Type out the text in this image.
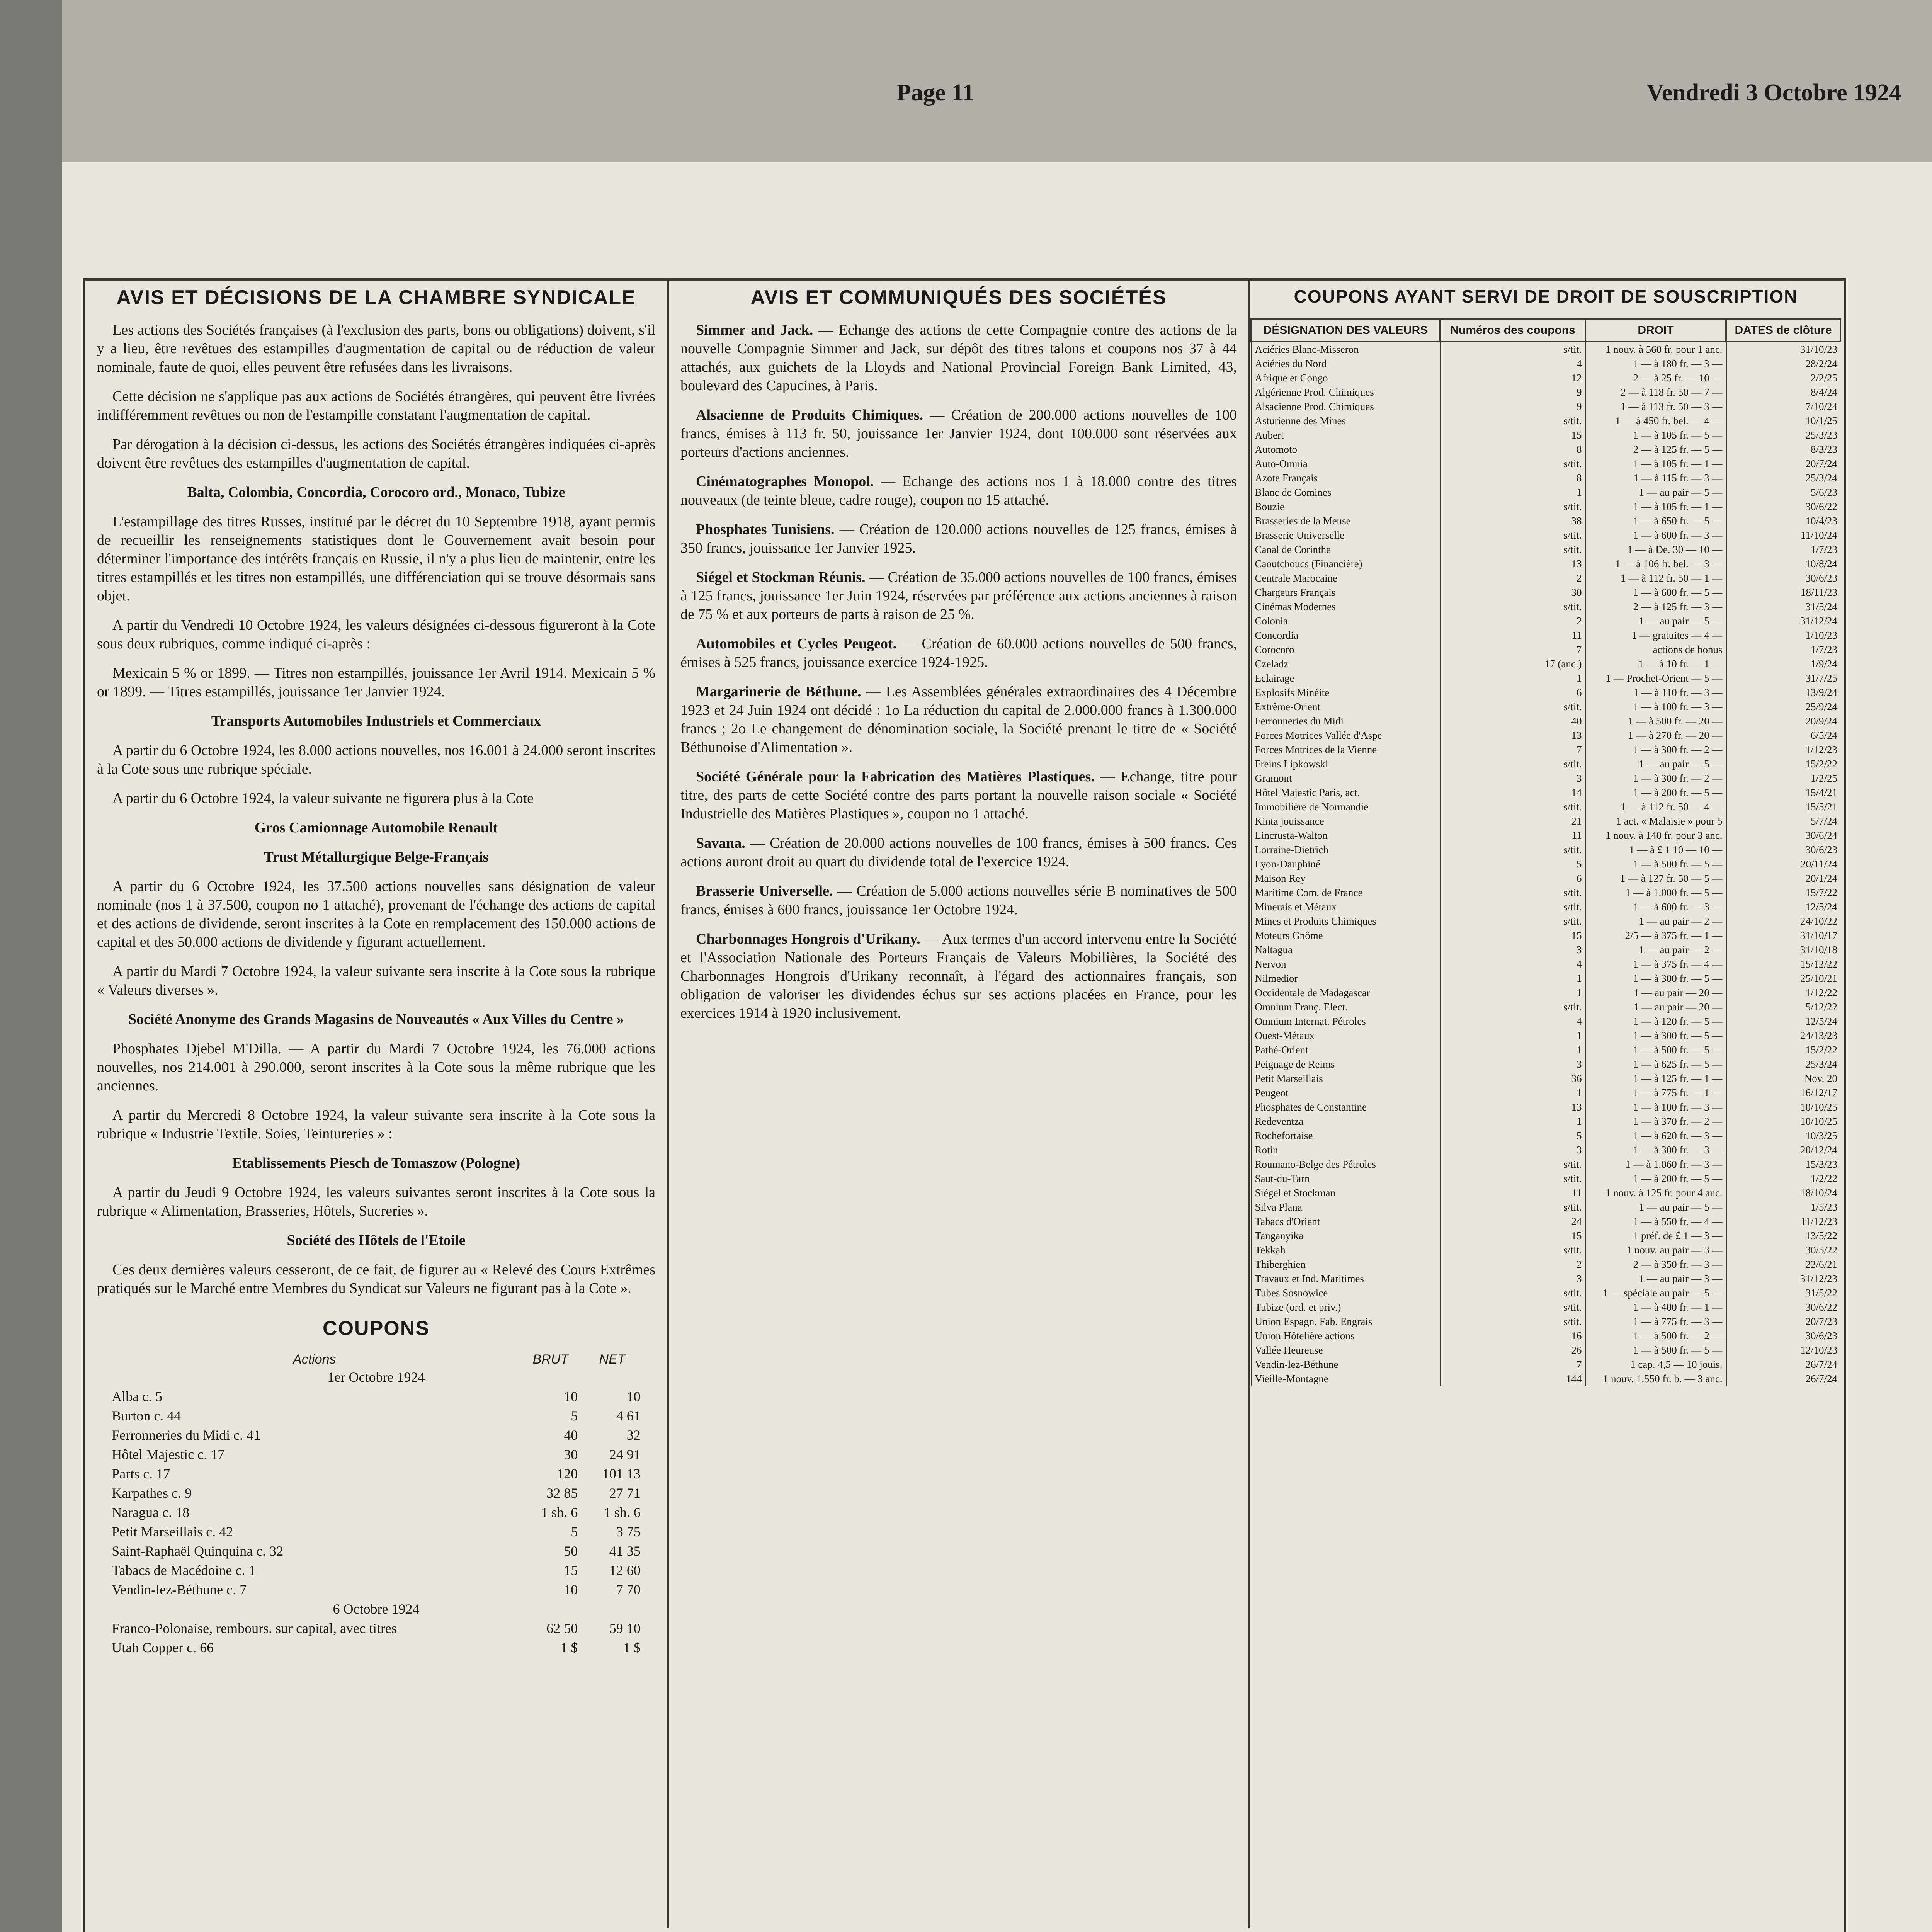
Page 11	Vendredi 3 Octobre 1924
AVIS ET DÉCISIONS DE LA CHAMBRE SYNDICALE

Les actions des Sociétés françaises (à l'exclusion des parts, bons ou obligations) doivent, s'il y a lieu, être revêtues des estampilles d'augmentation de capital ou de réduction de valeur nominale, faute de quoi, elles peuvent être refusées dans les livraisons.

Cette décision ne s'applique pas aux actions de Sociétés étrangères, qui peuvent être livrées indifféremment revêtues ou non de l'estampille constatant l'augmentation de capital.

Par dérogation à la décision ci-dessus, les actions des Sociétés étrangères indiquées ci-après doivent être revêtues des estampilles d'augmentation de capital.

Balta, Colombia, Concordia, Corocoro ord., Monaco, Tubize

L'estampillage des titres Russes, institué par le décret du 10 Septembre 1918, ayant permis de recueillir les renseignements statistiques dont le Gouvernement avait besoin pour déterminer l'importance des intérêts français en Russie, il n'y a plus lieu de maintenir, entre les titres estampillés et les titres non estampillés, une différenciation qui se trouve désormais sans objet.

A partir du Vendredi 10 Octobre 1924, les valeurs désignées ci-dessous figureront à la Cote sous deux rubriques, comme indiqué ci-après :

Mexicain 5 % or 1899. — Titres non estampillés, jouissance 1er Avril 1914. Mexicain 5 % or 1899. — Titres estampillés, jouissance 1er Janvier 1924.

Transports Automobiles Industriels et Commerciaux

A partir du 6 Octobre 1924, les 8.000 actions nouvelles, nos 16.001 à 24.000 seront inscrites à la Cote sous une rubrique spéciale.

A partir du 6 Octobre 1924, la valeur suivante ne figurera plus à la Cote

Gros Camionnage Automobile Renault

Trust Métallurgique Belge-Français

A partir du 6 Octobre 1924, les 37.500 actions nouvelles sans désignation de valeur nominale (nos 1 à 37.500, coupon no 1 attaché), provenant de l'échange des actions de capital et des actions de dividende, seront inscrites à la Cote en remplacement des 150.000 actions de capital et des 50.000 actions de dividende y figurant actuellement.

A partir du Mardi 7 Octobre 1924, la valeur suivante sera inscrite à la Cote sous la rubrique « Valeurs diverses ».

Société Anonyme des Grands Magasins de Nouveautés « Aux Villes du Centre »

Phosphates Djebel M'Dilla. — A partir du Mardi 7 Octobre 1924, les 76.000 actions nouvelles, nos 214.001 à 290.000, seront inscrites à la Cote sous la même rubrique que les anciennes.

A partir du Mercredi 8 Octobre 1924, la valeur suivante sera inscrite à la Cote sous la rubrique « Industrie Textile. Soies, Teintureries » :

Etablissements Piesch de Tomaszow (Pologne)

A partir du Jeudi 9 Octobre 1924, les valeurs suivantes seront inscrites à la Cote sous la rubrique « Alimentation, Brasseries, Hôtels, Sucreries ».

Société des Hôtels de l'Etoile

Ces deux dernières valeurs cesseront, de ce fait, de figurer au « Relevé des Cours Extrêmes pratiqués sur le Marché entre Membres du Syndicat sur Valeurs ne figurant pas à la Cote ».

COUPONS
Actions	BRUT	NET
1er Octobre 1924		
Alba c. 5	10	10
Burton c. 44	5	4 61
Ferronneries du Midi c. 41	40	32
Hôtel Majestic c. 17	30	24 91
Parts c. 17	120	101 13
Karpathes c. 9	32 85	27 71
Naragua c. 18	1 sh. 6	1 sh. 6
Petit Marseillais c. 42	5	3 75
Saint-Raphaël Quinquina c. 32	50	41 35
Tabacs de Macédoine c. 1	15	12 60
Vendin-lez-Béthune c. 7	10	7 70
6 Octobre 1924		
Franco-Polonaise, rembours. sur capital, avec titres	62 50	59 10
Utah Copper c. 66	1 $	1 $
AVIS ET COMMUNIQUÉS DES SOCIÉTÉS

Simmer and Jack. — Echange des actions de cette Compagnie contre des actions de la nouvelle Compagnie Simmer and Jack, sur dépôt des titres talons et coupons nos 37 à 44 attachés, aux guichets de la Lloyds and National Provincial Foreign Bank Limited, 43, boulevard des Capucines, à Paris.

Alsacienne de Produits Chimiques. — Création de 200.000 actions nouvelles de 100 francs, émises à 113 fr. 50, jouissance 1er Janvier 1924, dont 100.000 sont réservées aux porteurs d'actions anciennes.

Cinématographes Monopol. — Echange des actions nos 1 à 18.000 contre des titres nouveaux (de teinte bleue, cadre rouge), coupon no 15 attaché.

Phosphates Tunisiens. — Création de 120.000 actions nouvelles de 125 francs, émises à 350 francs, jouissance 1er Janvier 1925.

Siégel et Stockman Réunis. — Création de 35.000 actions nouvelles de 100 francs, émises à 125 francs, jouissance 1er Juin 1924, réservées par préférence aux actions anciennes à raison de 75 % et aux porteurs de parts à raison de 25 %.

Automobiles et Cycles Peugeot. — Création de 60.000 actions nouvelles de 500 francs, émises à 525 francs, jouissance exercice 1924-1925.

Margarinerie de Béthune. — Les Assemblées générales extraordinaires des 4 Décembre 1923 et 24 Juin 1924 ont décidé : 1o La réduction du capital de 2.000.000 francs à 1.300.000 francs ; 2o Le changement de dénomination sociale, la Société prenant le titre de « Société Béthunoise d'Alimentation ».

Société Générale pour la Fabrication des Matières Plastiques. — Echange, titre pour titre, des parts de cette Société contre des parts portant la nouvelle raison sociale « Société Industrielle des Matières Plastiques », coupon no 1 attaché.

Savana. — Création de 20.000 actions nouvelles de 100 francs, émises à 500 francs. Ces actions auront droit au quart du dividende total de l'exercice 1924.

Brasserie Universelle. — Création de 5.000 actions nouvelles série B nominatives de 500 francs, émises à 600 francs, jouissance 1er Octobre 1924.

Charbonnages Hongrois d'Urikany. — Aux termes d'un accord intervenu entre la Société et l'Association Nationale des Porteurs Français de Valeurs Mobilières, la Société des Charbonnages Hongrois d'Urikany reconnaît, à l'égard des actionnaires français, son obligation de valoriser les dividendes échus sur ses actions placées en France, pour les exercices 1914 à 1920 inclusivement.

COUPONS AYANT SERVI DE DROIT DE SOUSCRIPTION
DÉSIGNATION DES VALEURS	Numéros des coupons	DROIT	DATES de clôture
Aciéries Blanc-Misseron	s/tit.	1 nouv. à 560 fr. pour 1 anc.	31/10/23
Aciéries du Nord	4	1 — à 180 fr. — 3 —	28/2/24
Afrique et Congo	12	2 — à 25 fr. — 10 —	2/2/25
Algérienne Prod. Chimiques	9	2 — à 118 fr. 50 — 7 —	8/4/24
Alsacienne Prod. Chimiques	9	1 — à 113 fr. 50 — 3 —	7/10/24
Asturienne des Mines	s/tit.	1 — à 450 fr. bel. — 4 —	10/1/25
Aubert	15	1 — à 105 fr. — 5 —	25/3/23
Automoto	8	2 — à 125 fr. — 5 —	8/3/23
Auto-Omnia	s/tit.	1 — à 105 fr. — 1 —	20/7/24
Azote Français	8	1 — à 115 fr. — 3 —	25/3/24
Blanc de Comines	1	1 — au pair — 5 —	5/6/23
Bouzie	s/tit.	1 — à 105 fr. — 1 —	30/6/22
Brasseries de la Meuse	38	1 — à 650 fr. — 5 —	10/4/23
Brasserie Universelle	s/tit.	1 — à 600 fr. — 3 —	11/10/24
Canal de Corinthe	s/tit.	1 — à De. 30 — 10 —	1/7/23
Caoutchoucs (Financière)	13	1 — à 106 fr. bel. — 3 —	10/8/24
Centrale Marocaine	2	1 — à 112 fr. 50 — 1 —	30/6/23
Chargeurs Français	30	1 — à 600 fr. — 5 —	18/11/23
Cinémas Modernes	s/tit.	2 — à 125 fr. — 3 —	31/5/24
Colonia	2	1 — au pair — 5 —	31/12/24
Concordia	11	1 — gratuites — 4 —	1/10/23
Corocoro	7	actions de bonus	1/7/23
Czeladz	17 (anc.)	1 — à 10 fr. — 1 —	1/9/24
Eclairage	1	1 — Prochet-Orient — 5 —	31/7/25
Explosifs Minéite	6	1 — à 110 fr. — 3 —	13/9/24
Extrême-Orient	s/tit.	1 — à 100 fr. — 3 —	25/9/24
Ferronneries du Midi	40	1 — à 500 fr. — 20 —	20/9/24
Forces Motrices Vallée d'Aspe	13	1 — à 270 fr. — 20 —	6/5/24
Forces Motrices de la Vienne	7	1 — à 300 fr. — 2 —	1/12/23
Freins Lipkowski	s/tit.	1 — au pair — 5 —	15/2/22
Gramont	3	1 — à 300 fr. — 2 —	1/2/25
Hôtel Majestic Paris, act.	14	1 — à 200 fr. — 5 —	15/4/21
Immobilière de Normandie	s/tit.	1 — à 112 fr. 50 — 4 —	15/5/21
Kinta jouissance	21	1 act. « Malaisie » pour 5	5/7/24
Lincrusta-Walton	11	1 nouv. à 140 fr. pour 3 anc.	30/6/24
Lorraine-Dietrich	s/tit.	1 — à £ 1 10 — 10 —	30/6/23
Lyon-Dauphiné	5	1 — à 500 fr. — 5 —	20/11/24
Maison Rey	6	1 — à 127 fr. 50 — 5 —	20/1/24
Maritime Com. de France	s/tit.	1 — à 1.000 fr. — 5 —	15/7/22
Minerais et Métaux	s/tit.	1 — à 600 fr. — 3 —	12/5/24
Mines et Produits Chimiques	s/tit.	1 — au pair — 2 —	24/10/22
Moteurs Gnôme	15	2/5 — à 375 fr. — 1 —	31/10/17
Naltagua	3	1 — au pair — 2 —	31/10/18
Nervon	4	1 — à 375 fr. — 4 —	15/12/22
Nilmedior	1	1 — à 300 fr. — 5 —	25/10/21
Occidentale de Madagascar	1	1 — au pair — 20 —	1/12/22
Omnium Franç. Elect.	s/tit.	1 — au pair — 20 —	5/12/22
Omnium Internat. Pétroles	4	1 — à 120 fr. — 5 —	12/5/24
Ouest-Métaux	1	1 — à 300 fr. — 5 —	24/13/23
Pathé-Orient	1	1 — à 500 fr. — 5 —	15/2/22
Peignage de Reims	3	1 — à 625 fr. — 5 —	25/3/24
Petit Marseillais	36	1 — à 125 fr. — 1 —	Nov. 20
Peugeot	1	1 — à 775 fr. — 1 —	16/12/17
Phosphates de Constantine	13	1 — à 100 fr. — 3 —	10/10/25
Redeventza	1	1 — à 370 fr. — 2 —	10/10/25
Rochefortaise	5	1 — à 620 fr. — 3 —	10/3/25
Rotin	3	1 — à 300 fr. — 3 —	20/12/24
Roumano-Belge des Pétroles	s/tit.	1 — à 1.060 fr. — 3 —	15/3/23
Saut-du-Tarn	s/tit.	1 — à 200 fr. — 5 —	1/2/22
Siégel et Stockman	11	1 nouv. à 125 fr. pour 4 anc.	18/10/24
Silva Plana	s/tit.	1 — au pair — 5 —	1/5/23
Tabacs d'Orient	24	1 — à 550 fr. — 4 —	11/12/23
Tanganyika	15	1 préf. de £ 1 — 3 —	13/5/22
Tekkah	s/tit.	1 nouv. au pair — 3 —	30/5/22
Thiberghien	2	2 — à 350 fr. — 3 —	22/6/21
Travaux et Ind. Maritimes	3	1 — au pair — 3 —	31/12/23
Tubes Sosnowice	s/tit.	1 — spéciale au pair — 5 —	31/5/22
Tubize (ord. et priv.)	s/tit.	1 — à 400 fr. — 1 —	30/6/22
Union Espagn. Fab. Engrais	s/tit.	1 — à 775 fr. — 3 —	20/7/23
Union Hôtelière actions	16	1 — à 500 fr. — 2 —	30/6/23
Vallée Heureuse	26	1 — à 500 fr. — 5 —	12/10/23
Vendin-lez-Béthune	7	1 cap. 4,5 — 10 jouis.	26/7/24
Vieille-Montagne	144	1 nouv. 1.550 fr. b. — 3 anc.	26/7/24
